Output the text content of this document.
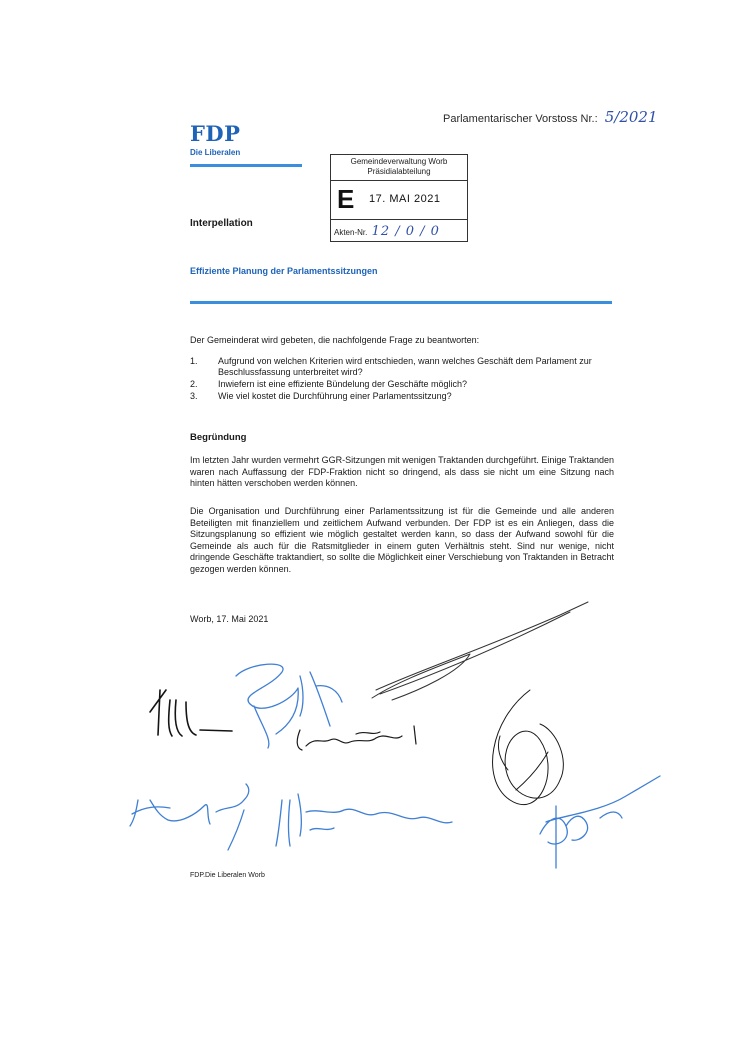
Parlamentarischer Vorstoss Nr.: 5/2021
FDP
Die Liberalen
Gemeindeverwaltung Worb
Präsidialabteilung
E 17. MAI 2021
Akten-Nr. 12 / 0 / 0
Interpellation
Effiziente Planung der Parlamentssitzungen
Der Gemeinderat wird gebeten, die nachfolgende Frage zu beantworten:
1.	Aufgrund von welchen Kriterien wird entschieden, wann welches Geschäft dem Parlament zur Beschlussfassung unterbreitet wird?
2.	Inwiefern ist eine effiziente Bündelung der Geschäfte möglich?
3.	Wie viel kostet die Durchführung einer Parlamentssitzung?
Begründung
Im letzten Jahr wurden vermehrt GGR-Sitzungen mit wenigen Traktanden durchgeführt. Einige Traktanden waren nach Auffassung der FDP-Fraktion nicht so dringend, als dass sie nicht um eine Sitzung nach hinten hätten verschoben werden können.
Die Organisation und Durchführung einer Parlamentssitzung ist für die Gemeinde und alle anderen Beteiligten mit finanziellem und zeitlichem Aufwand verbunden. Der FDP ist es ein Anliegen, dass die Sitzungsplanung so effizient wie möglich gestaltet werden kann, so dass der Aufwand sowohl für die Gemeinde als auch für die Ratsmitglieder in einem guten Verhältnis steht. Sind nur wenige, nicht dringende Geschäfte traktandiert, so sollte die Möglichkeit einer Verschiebung von Traktanden in Betracht gezogen werden können.
Worb, 17. Mai 2021
FDP.Die Liberalen Worb
